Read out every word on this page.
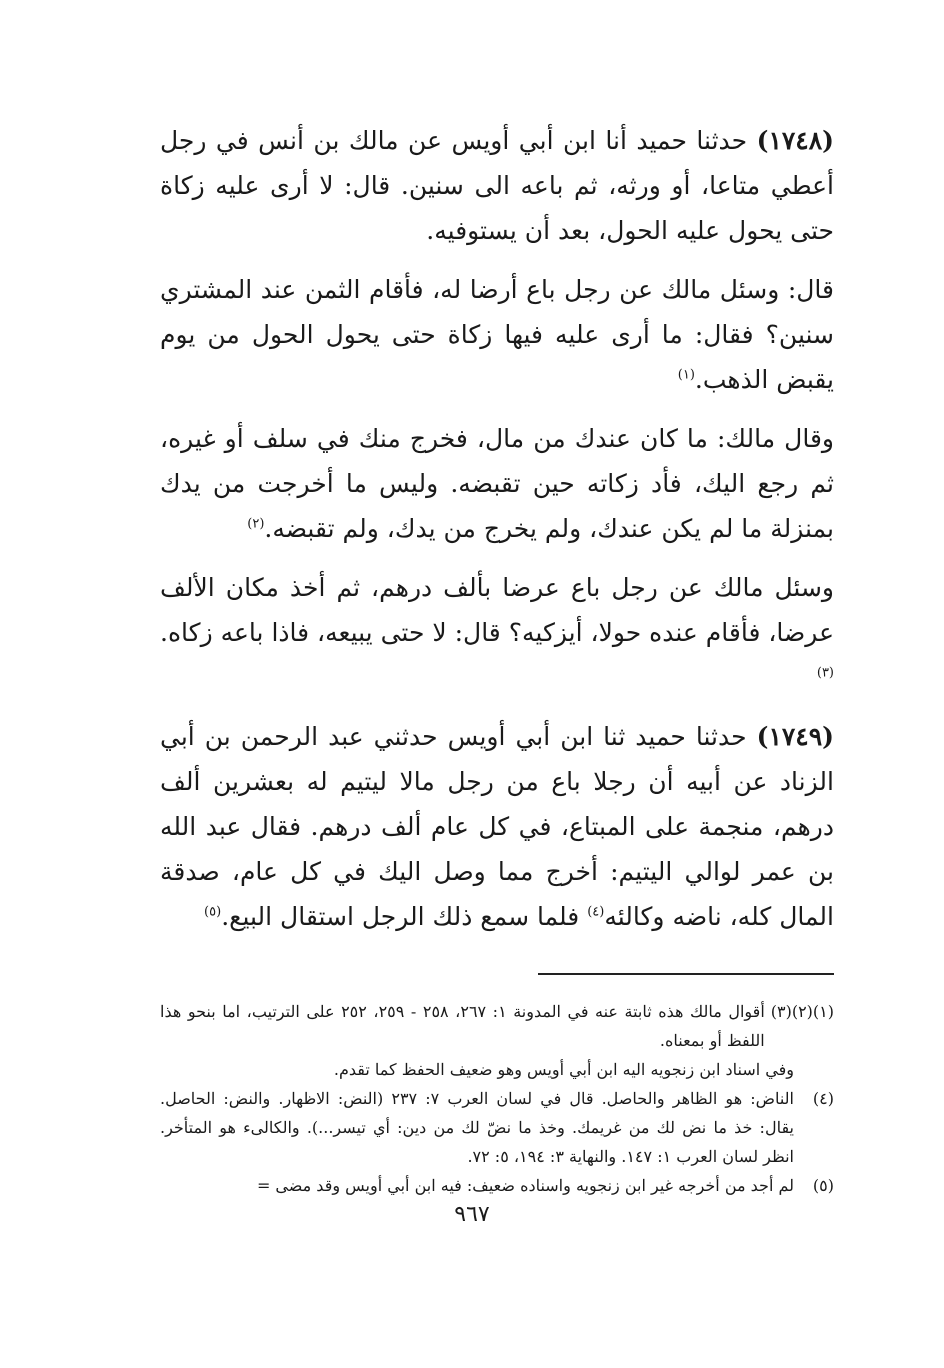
(١٧٤٨) حدثنا حميد أنا ابن أبي أويس عن مالك بن أنس في رجل أعطي متاعا، أو ورثه، ثم باعه الى سنين. قال: لا أرى عليه زكاة حتى يحول عليه الحول، بعد أن يستوفيه.

قال: وسئل مالك عن رجل باع أرضا له، فأقام الثمن عند المشتري سنين؟ فقال: ما أرى عليه فيها زكاة حتى يحول الحول من يوم يقبض الذهب.$^{(١)}$

وقال مالك: ما كان عندك من مال، فخرج منك في سلف أو غيره، ثم رجع اليك، فأد زكاته حين تقبضه. وليس ما أخرجت من يدك بمنزلة ما لم يكن عندك، ولم يخرج من يدك، ولم تقبضه.$^{(٢)}$

وسئل مالك عن رجل باع عرضا بألف درهم، ثم أخذ مكان الألف عرضا، فأقام عنده حولا، أيزكيه؟ قال: لا حتى يبيعه، فاذا باعه زكاه.$^{(٣)}$

(١٧٤٩) حدثنا حميد ثنا ابن أبي أويس حدثني عبد الرحمن بن أبي الزناد عن أبيه أن رجلا باع من رجل مالا ليتيم له بعشرين ألف درهم، منجمة على المبتاع، في كل عام ألف درهم. فقال عبد الله بن عمر لوالي اليتيم: أخرج مما وصل اليك في كل عام، صدقة المال كله، ناضه وكالئه$^{(٤)}$ فلما سمع ذلك الرجل استقال البيع.$^{(٥)}$

(١)(٢)(٣)
أقوال مالك هذه ثابتة عنه في المدونة ١: ٢٦٧، ٢٥٨ - ٢٥٩، ٢٥٢ على الترتيب، اما بنحو هذا اللفظ أو بمعناه.
وفي اسناد ابن زنجويه اليه ابن أبي أويس وهو ضعيف الحفظ كما تقدم.
(٤)
الناض: هو الظاهر والحاصل. قال في لسان العرب ٧: ٢٣٧ (النض: الاظهار. والنض: الحاصل. يقال: خذ ما نض لك من غريمك. وخذ ما نضّ لك من دين: أي تيسر...). والكالىء هو المتأخر. انظر لسان العرب ١: ١٤٧. والنهاية ٣: ١٩٤، ٥: ٧٢.
(٥)
لم أجد من أخرجه غير ابن زنجويه واسناده ضعيف: فيه ابن أبي أويس وقد مضى =
٩٦٧
